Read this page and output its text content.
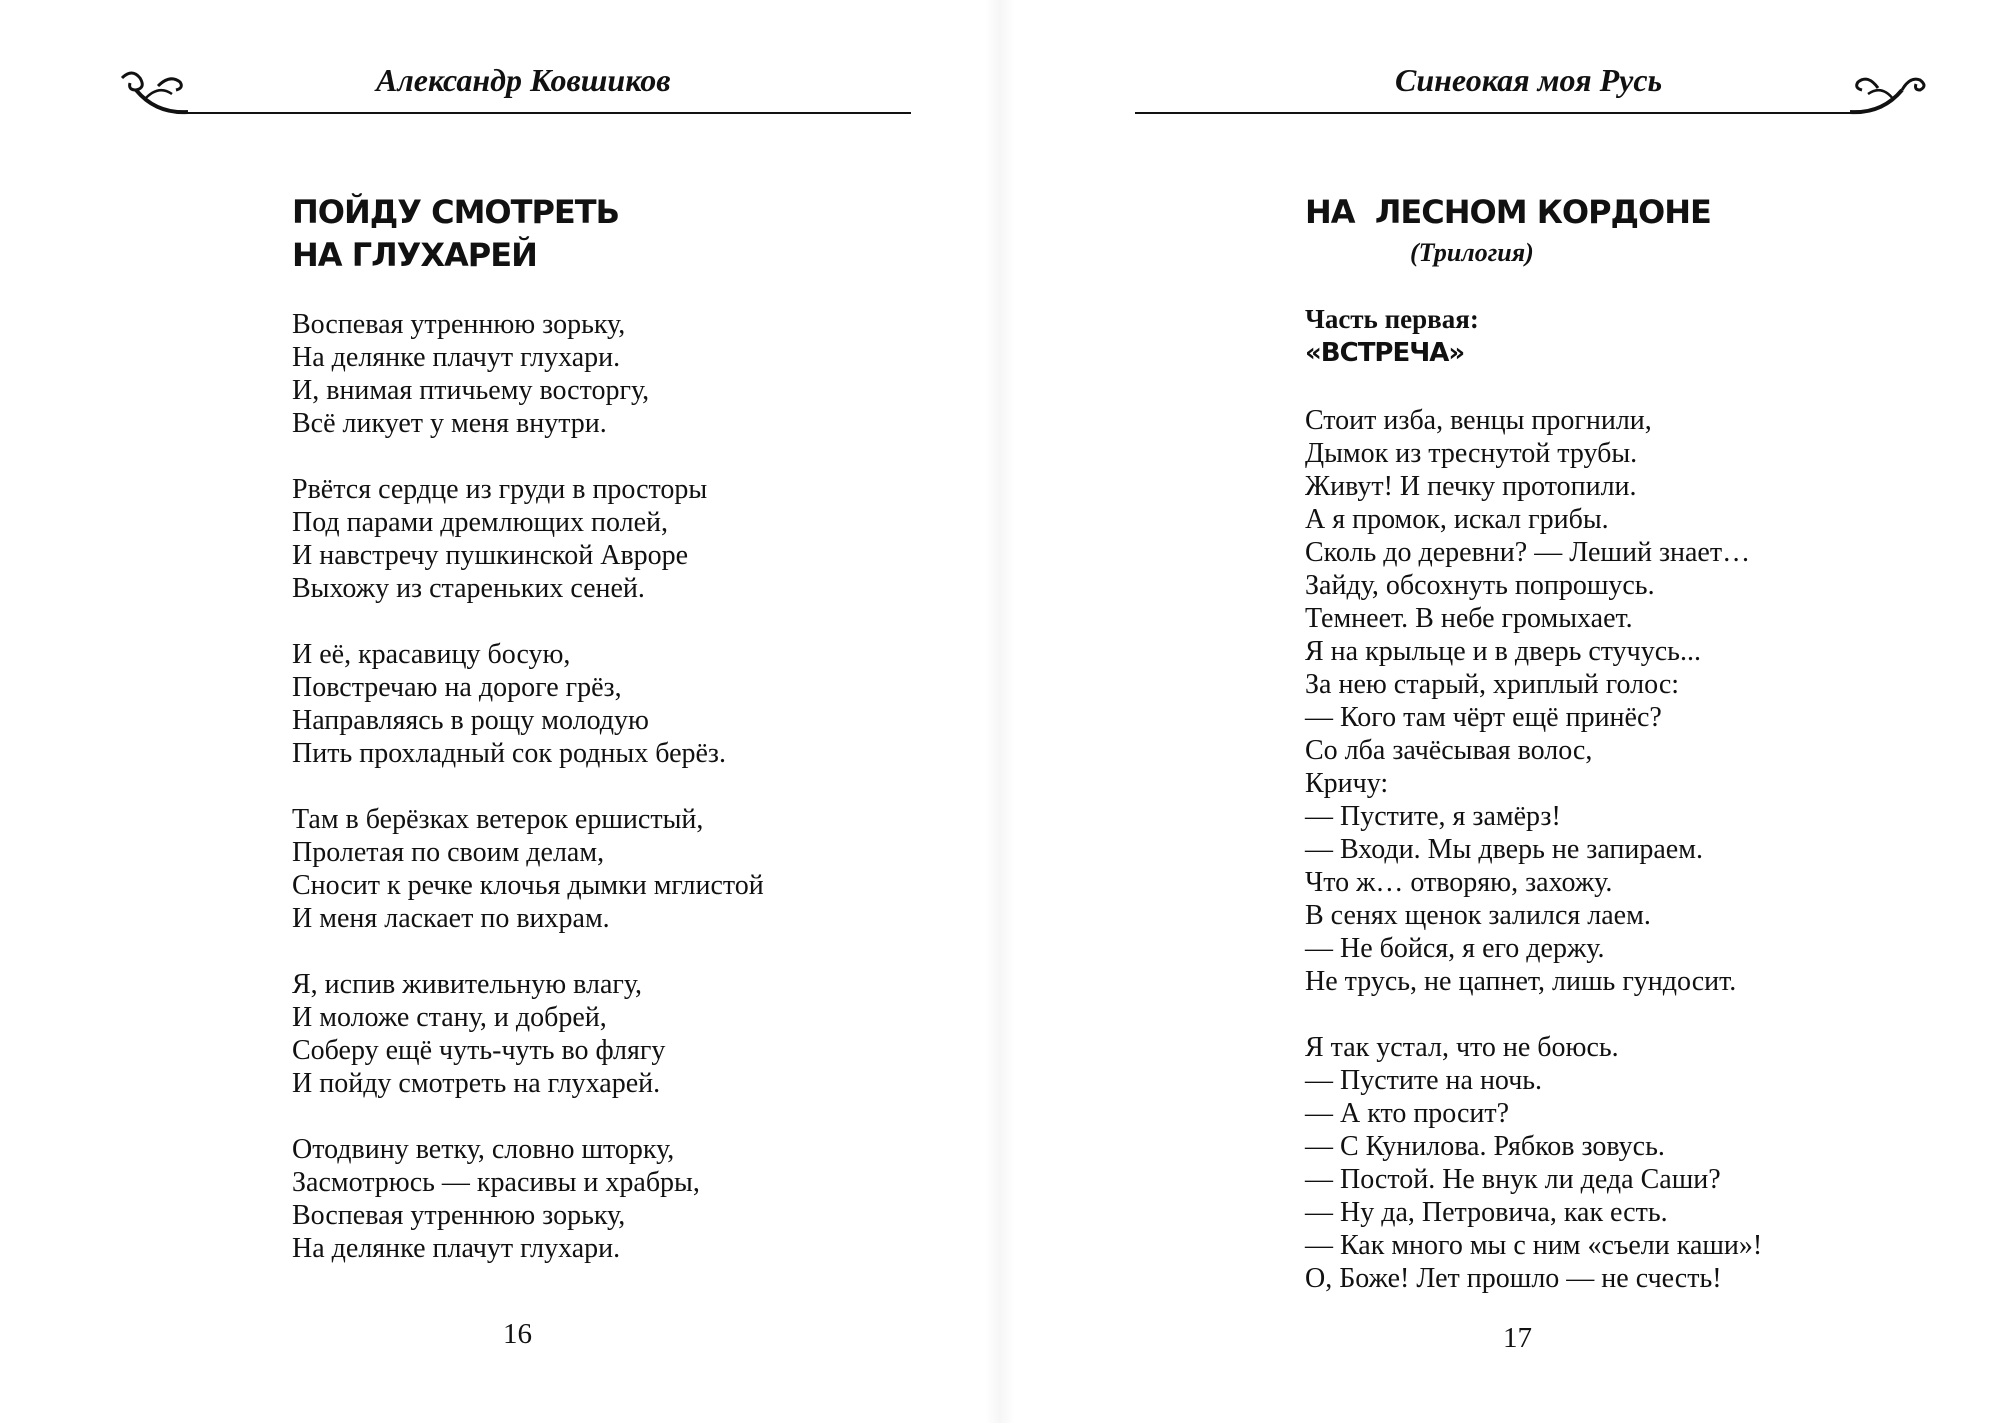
Александр Ковшиков
ПОЙДУ СМОТРЕТЬ
НА ГЛУХАРЕЙ
Воспевая утреннюю зорьку,
На делянке плачут глухари.
И, внимая птичьему восторгу,
Всё ликует у меня внутри.
Рвётся сердце из груди в просторы
Под парами дремлющих полей,
И навстречу пушкинской Авроре
Выхожу из стареньких сеней.
И её, красавицу босую,
Повстречаю на дороге грёз,
Направляясь в рощу молодую
Пить прохладный сок родных берёз.
Там в берёзках ветерок ершистый,
Пролетая по своим делам,
Сносит к речке клочья дымки мглистой
И меня ласкает по вихрам.
Я, испив живительную влагу,
И моложе стану, и добрей,
Соберу ещё чуть-чуть во флягу
И пойду смотреть на глухарей.
Отодвину ветку, словно шторку,
Засмотрюсь — красивы и храбры,
Воспевая утреннюю зорьку,
На делянке плачут глухари.
16
Синеокая моя Русь
НА  ЛЕСНОМ КОРДОНЕ
(Трилогия)
Часть первая:
«ВСТРЕЧА»
Стоит изба, венцы прогнили,
Дымок из треснутой трубы.
Живут! И печку протопили.
А я промок, искал грибы.
Сколь до деревни? — Леший знает…
Зайду, обсохнуть попрошусь.
Темнеет. В небе громыхает.
Я на крыльце и в дверь стучусь...
За нею старый, хриплый голос:
— Кого там чёрт ещё принёс?
Со лба зачёсывая волос,
Кричу:
— Пустите, я замёрз!
— Входи. Мы дверь не запираем.
Что ж… отворяю, захожу.
В сенях щенок залился лаем.
— Не бойся, я его держу.
Не трусь, не цапнет, лишь гундосит.
Я так устал, что не боюсь.
— Пустите на ночь.
— А кто просит?
— С Кунилова. Рябков зовусь.
— Постой. Не внук ли деда Саши?
— Ну да, Петровича, как есть.
— Как много мы с ним «съели каши»!
О, Боже! Лет прошло — не счесть!
17
